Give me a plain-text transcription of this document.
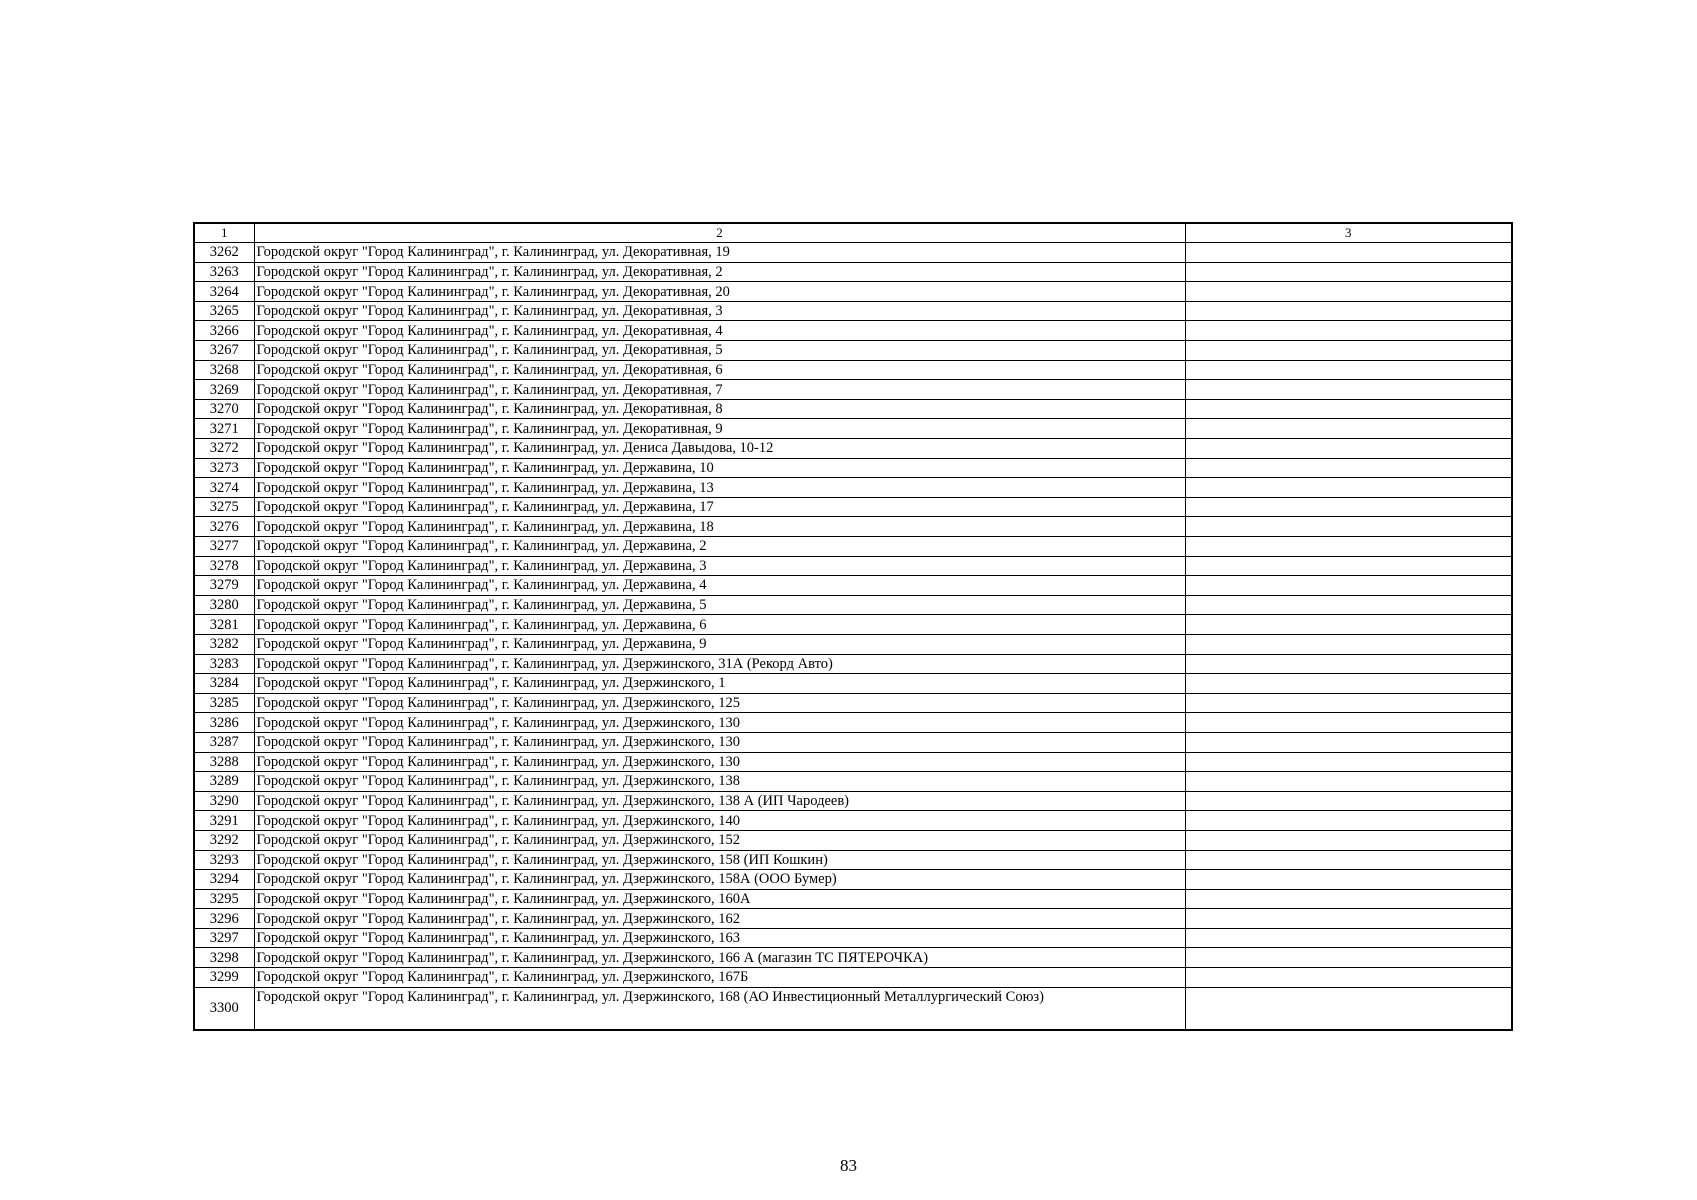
1	2	3
3262	Городской округ "Город Калининград", г. Калининград, ул. Декоративная, 19	
3263	Городской округ "Город Калининград", г. Калининград, ул. Декоративная, 2	
3264	Городской округ "Город Калининград", г. Калининград, ул. Декоративная, 20	
3265	Городской округ "Город Калининград", г. Калининград, ул. Декоративная, 3	
3266	Городской округ "Город Калининград", г. Калининград, ул. Декоративная, 4	
3267	Городской округ "Город Калининград", г. Калининград, ул. Декоративная, 5	
3268	Городской округ "Город Калининград", г. Калининград, ул. Декоративная, 6	
3269	Городской округ "Город Калининград", г. Калининград, ул. Декоративная, 7	
3270	Городской округ "Город Калининград", г. Калининград, ул. Декоративная, 8	
3271	Городской округ "Город Калининград", г. Калининград, ул. Декоративная, 9	
3272	Городской округ "Город Калининград", г. Калининград, ул. Дениса Давыдова, 10-12	
3273	Городской округ "Город Калининград", г. Калининград, ул. Державина, 10	
3274	Городской округ "Город Калининград", г. Калининград, ул. Державина, 13	
3275	Городской округ "Город Калининград", г. Калининград, ул. Державина, 17	
3276	Городской округ "Город Калининград", г. Калининград, ул. Державина, 18	
3277	Городской округ "Город Калининград", г. Калининград, ул. Державина, 2	
3278	Городской округ "Город Калининград", г. Калининград, ул. Державина, 3	
3279	Городской округ "Город Калининград", г. Калининград, ул. Державина, 4	
3280	Городской округ "Город Калининград", г. Калининград, ул. Державина, 5	
3281	Городской округ "Город Калининград", г. Калининград, ул. Державина, 6	
3282	Городской округ "Город Калининград", г. Калининград, ул. Державина, 9	
3283	Городской округ "Город Калининград", г. Калининград, ул. Дзержинского, 31А (Рекорд Авто)	
3284	Городской округ "Город Калининград", г. Калининград, ул. Дзержинского, 1	
3285	Городской округ "Город Калининград", г. Калининград, ул. Дзержинского, 125	
3286	Городской округ "Город Калининград", г. Калининград, ул. Дзержинского, 130	
3287	Городской округ "Город Калининград", г. Калининград, ул. Дзержинского, 130	
3288	Городской округ "Город Калининград", г. Калининград, ул. Дзержинского, 130	
3289	Городской округ "Город Калининград", г. Калининград, ул. Дзержинского, 138	
3290	Городской округ "Город Калининград", г. Калининград, ул. Дзержинского, 138 А (ИП Чародеев)	
3291	Городской округ "Город Калининград", г. Калининград, ул. Дзержинского, 140	
3292	Городской округ "Город Калининград", г. Калининград, ул. Дзержинского, 152	
3293	Городской округ "Город Калининград", г. Калининград, ул. Дзержинского, 158 (ИП Кошкин)	
3294	Городской округ "Город Калининград", г. Калининград, ул. Дзержинского, 158А (ООО Бумер)	
3295	Городской округ "Город Калининград", г. Калининград, ул. Дзержинского, 160А	
3296	Городской округ "Город Калининград", г. Калининград, ул. Дзержинского, 162	
3297	Городской округ "Город Калининград", г. Калининград, ул. Дзержинского, 163	
3298	Городской округ "Город Калининград", г. Калининград, ул. Дзержинского, 166 А (магазин ТС ПЯТЕРОЧКА)	
3299	Городской округ "Город Калининград", г. Калининград, ул. Дзержинского, 167Б	
3300	Городской округ "Город Калининград", г. Калининград, ул. Дзержинского, 168 (АО Инвестиционный Металлургический Союз)	
83
